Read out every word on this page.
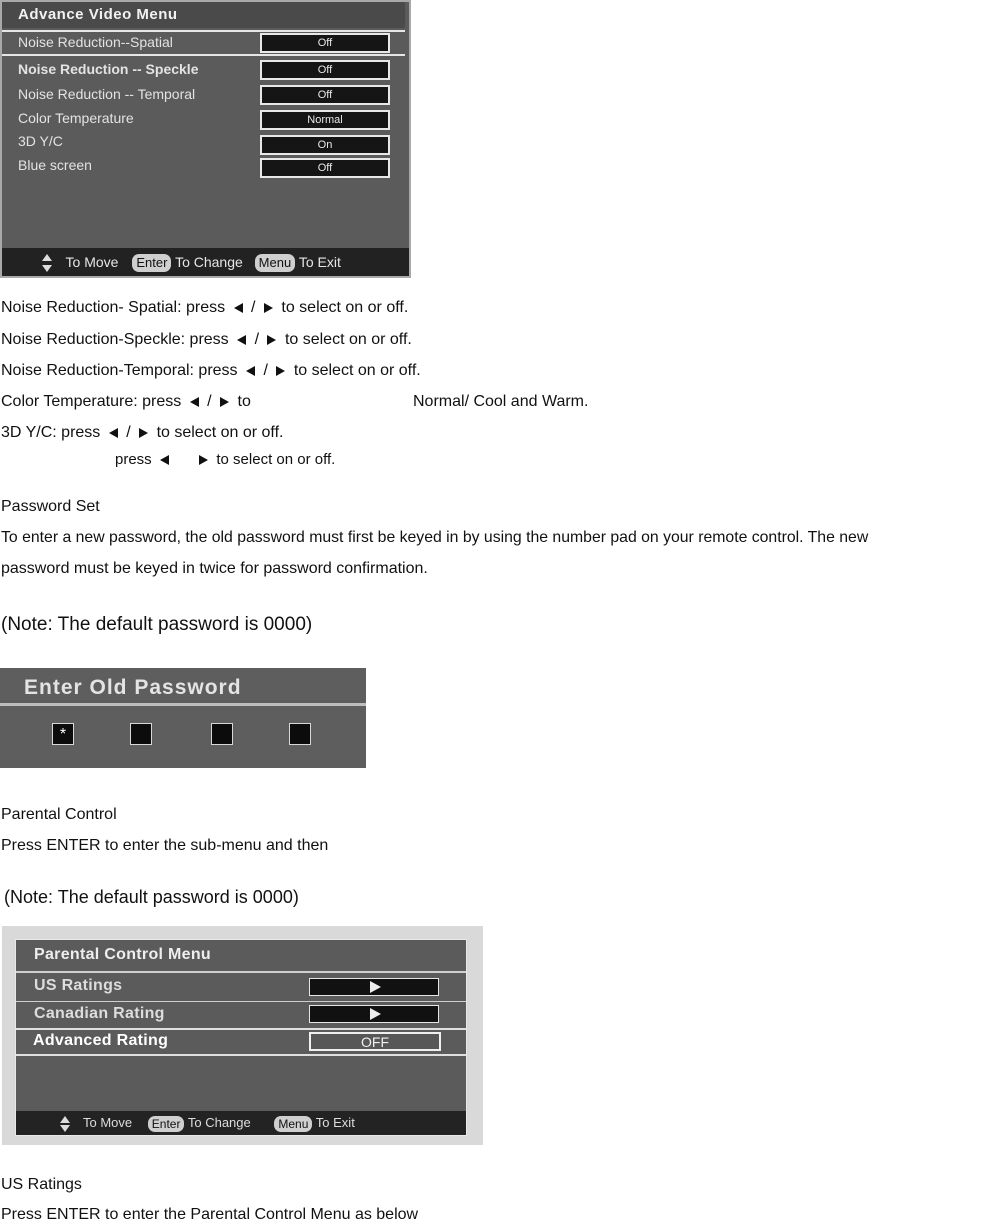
Advance Video Menu
Noise Reduction--Spatial	Off
Noise Reduction -- Speckle	Off
Noise Reduction -- Temporal	Off
Color Temperature	Normal
3D Y/C	On
Blue screen	Off
To Move Enter To Change Menu To Exit
Noise Reduction- Spatial: press / to select on or off.
Noise Reduction-Speckle: press / to select on or off.
Noise Reduction-Temporal: press / to select on or off.
Color Temperature: press / to	Normal/ Cool and Warm.
3D Y/C: press / to select on or off.
press	to select on or off.
Password Set
To enter a new password, the old password must first be keyed in by using the number pad on your remote control. The new
password must be keyed in twice for password confirmation.
(Note: The default password is 0000)
Enter Old Password
*
Parental Control
Press ENTER to enter the sub-menu and then
(Note: The default password is 0000)
Parental Control Menu
US Ratings
Canadian Rating
Advanced Rating	OFF
To Move Enter To Change Menu To Exit
US Ratings
Press ENTER to enter the Parental Control Menu as below
